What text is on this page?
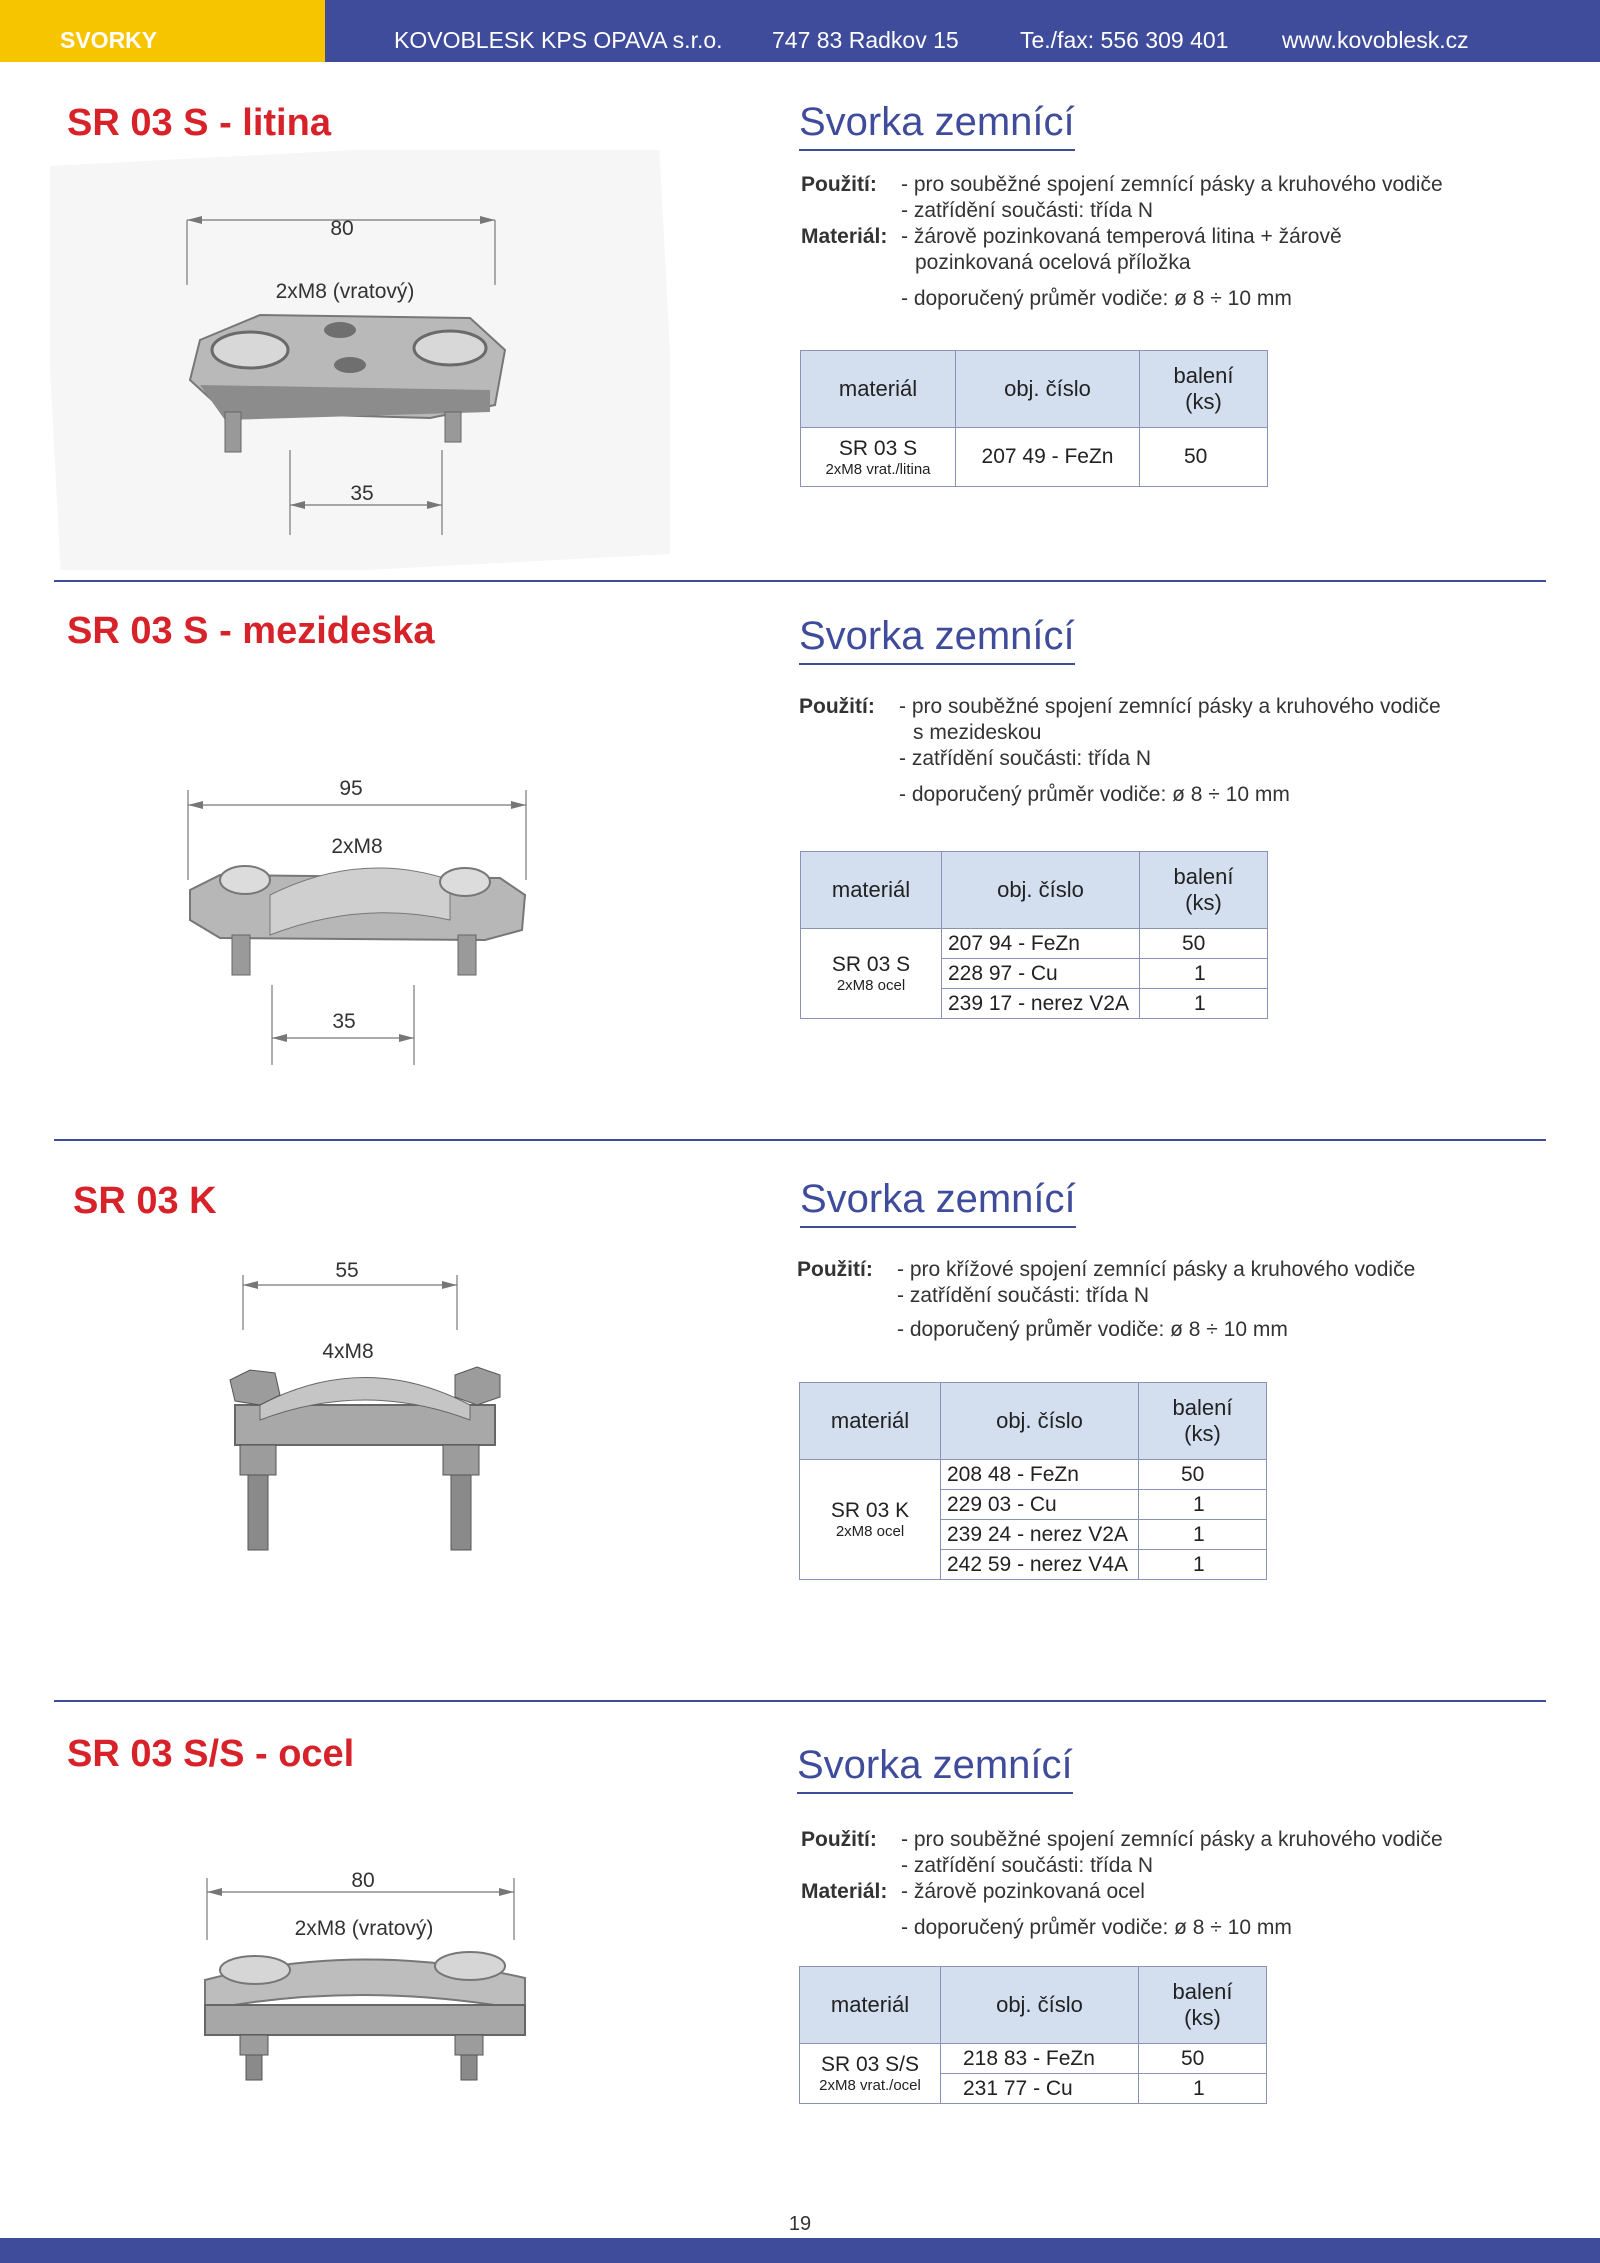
SVORKY	KOVOBLESK KPS OPAVA s.r.o. 747 83 Radkov 15	Te./fax: 556 309 401 www.kovoblesk.cz
SR 03 S - litina	Svorka zemnící
80
2xM8 (vratový)
35
Použití:	- pro souběžné spojení zemnící pásky a kruhového vodiče
- zatřídění součásti: třída N
Materiál: - žárově pozinkovaná temperová litina + žárově
pozinkovaná ocelová příložka
- doporučený průměr vodiče: ø 8 ÷ 10 mm
materiál	obj. číslo	balení
(ks)
SR 03 S
2xM8 vrat./litina	207 49 - FeZn	50
SR 03 S - mezideska	Svorka zemnící
95
2xM8
35
Použití:	- pro souběžné spojení zemnící pásky a kruhového vodiče
s mezideskou
- zatřídění součásti: třída N
- doporučený průměr vodiče: ø 8 ÷ 10 mm
materiál	obj. číslo	balení
(ks)
SR 03 S
2xM8 ocel	207 94 - FeZn	50
	228 97 - Cu	1
	239 17 - nerez V2A	1
SR 03 K	Svorka zemnící
55
4xM8
Použití:	- pro křížové spojení zemnící pásky a kruhového vodiče
- zatřídění součásti: třída N
- doporučený průměr vodiče: ø 8 ÷ 10 mm
materiál	obj. číslo	balení
(ks)
SR 03 K
2xM8 ocel	208 48 - FeZn	50
	229 03 - Cu	1
	239 24 - nerez V2A	1
	242 59 - nerez V4A	1
SR 03 S/S - ocel	Svorka zemnící
80
2xM8 (vratový)
Použití:	- pro souběžné spojení zemnící pásky a kruhového vodiče
- zatřídění součásti: třída N
Materiál: - žárově pozinkovaná ocel
- doporučený průměr vodiče: ø 8 ÷ 10 mm
materiál	obj. číslo	balení
(ks)
SR 03 S/S
2xM8 vrat./ocel	218 83 - FeZn	50
	231 77 - Cu	1
19
